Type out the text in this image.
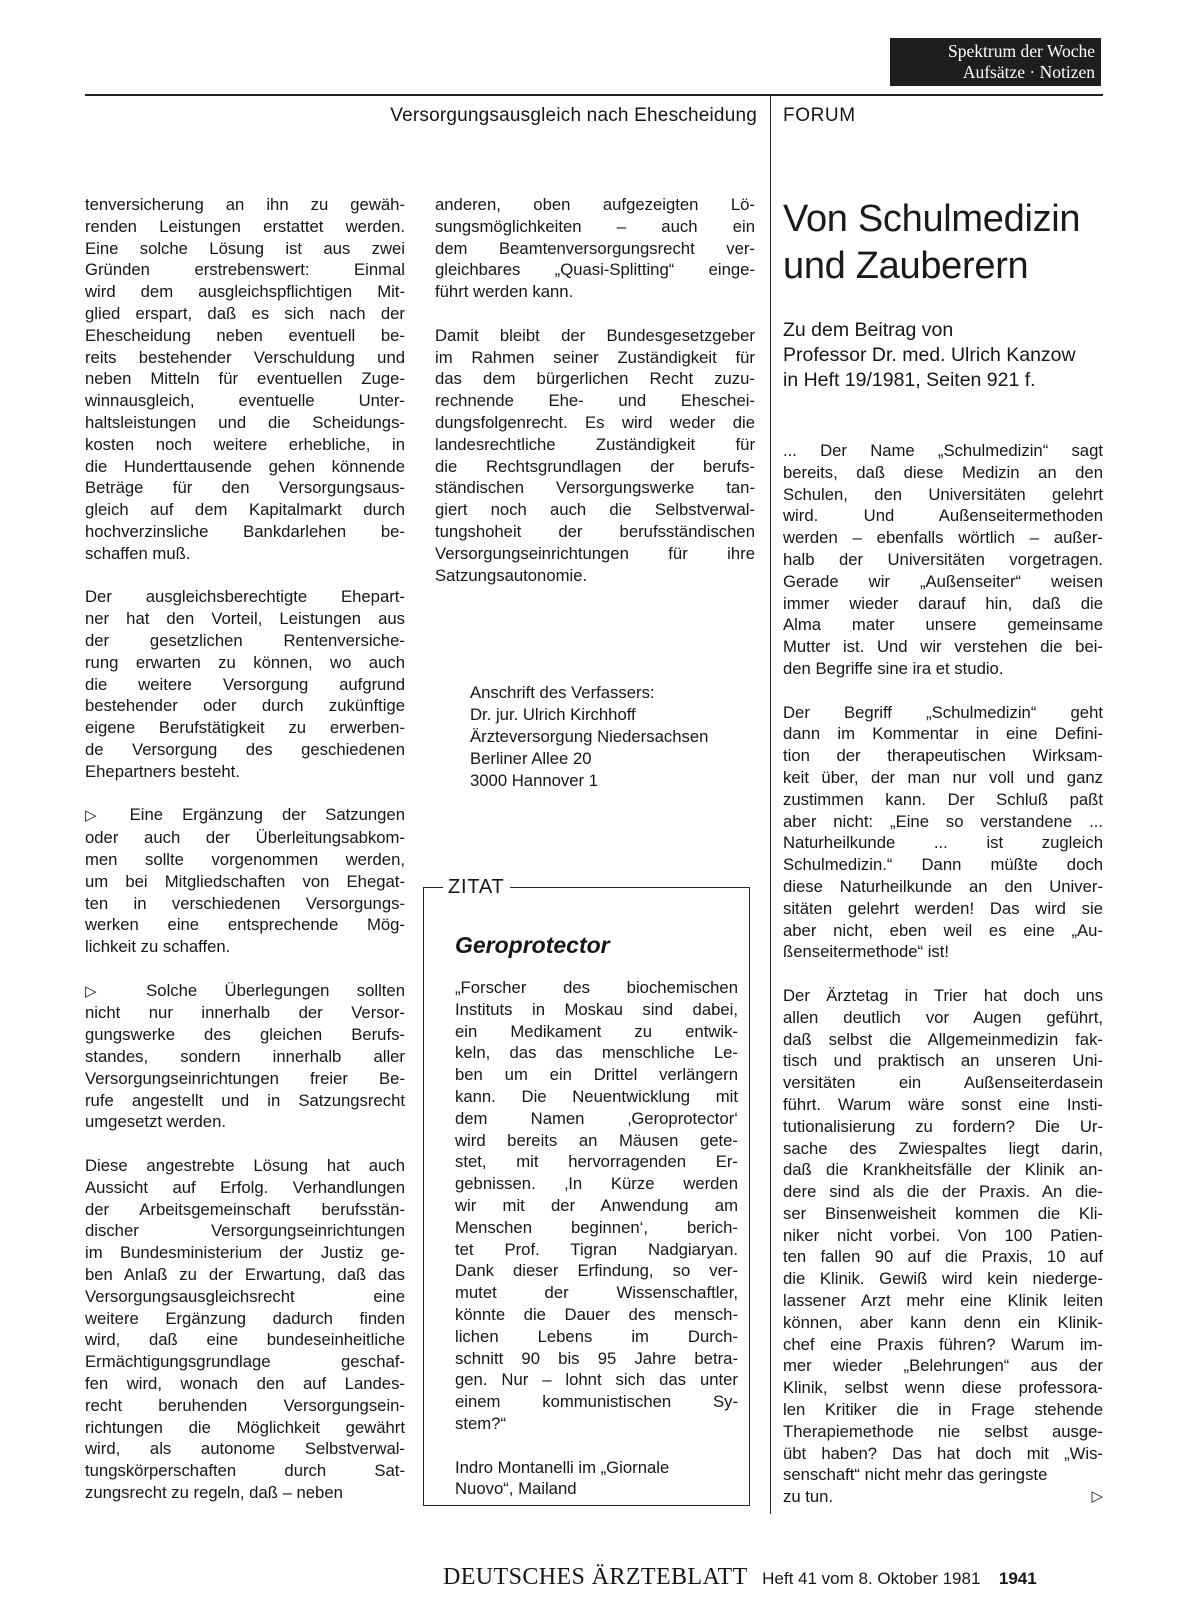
Spektrum der Woche
Aufsätze · Notizen
Versorgungsausgleich nach Ehescheidung FORUM

tenversicherung an ihn zu gewäh-
renden Leistungen erstattet werden.
Eine solche Lösung ist aus zwei
Gründen erstrebenswert: Einmal
wird dem ausgleichspflichtigen Mit-
glied erspart, daß es sich nach der
Ehescheidung neben eventuell be-
reits bestehender Verschuldung und
neben Mitteln für eventuellen Zuge-
winnausgleich, eventuelle Unter-
haltsleistungen und die Scheidungs-
kosten noch weitere erhebliche, in
die Hunderttausende gehen könnende
Beträge für den Versorgungsaus-
gleich auf dem Kapitalmarkt durch
hochverzinsliche Bankdarlehen be-
schaffen muß.

Der ausgleichsberechtigte Ehepart-
ner hat den Vorteil, Leistungen aus
der gesetzlichen Rentenversiche-
rung erwarten zu können, wo auch
die weitere Versorgung aufgrund
bestehender oder durch zukünftige
eigene Berufstätigkeit zu erwerben-
de Versorgung des geschiedenen
Ehepartners besteht.

▷ Eine Ergänzung der Satzungen
oder auch der Überleitungsabkom-
men sollte vorgenommen werden,
um bei Mitgliedschaften von Ehegat-
ten in verschiedenen Versorgungs-
werken eine entsprechende Mög-
lichkeit zu schaffen.

▷ Solche Überlegungen sollten
nicht nur innerhalb der Versor-
gungswerke des gleichen Berufs-
standes, sondern innerhalb aller
Versorgungseinrichtungen freier Be-
rufe angestellt und in Satzungsrecht
umgesetzt werden.

Diese angestrebte Lösung hat auch
Aussicht auf Erfolg. Verhandlungen
der Arbeitsgemeinschaft berufsstän-
discher Versorgungseinrichtungen
im Bundesministerium der Justiz ge-
ben Anlaß zu der Erwartung, daß das
Versorgungsausgleichsrecht eine
weitere Ergänzung dadurch finden
wird, daß eine bundeseinheitliche
Ermächtigungsgrundlage geschaf-
fen wird, wonach den auf Landes-
recht beruhenden Versorgungsein-
richtungen die Möglichkeit gewährt
wird, als autonome Selbstverwal-
tungskörperschaften durch Sat-
zungsrecht zu regeln, daß – neben

anderen, oben aufgezeigten Lö-
sungsmöglichkeiten – auch ein
dem Beamtenversorgungsrecht ver-
gleichbares „Quasi-Splitting“ einge-
führt werden kann.

Damit bleibt der Bundesgesetzgeber
im Rahmen seiner Zuständigkeit für
das dem bürgerlichen Recht zuzu-
rechnende Ehe- und Eheschei-
dungsfolgenrecht. Es wird weder die
landesrechtliche Zuständigkeit für
die Rechtsgrundlagen der berufs-
ständischen Versorgungswerke tan-
giert noch auch die Selbstverwal-
tungshoheit der berufsständischen
Versorgungseinrichtungen für ihre
Satzungsautonomie.

Anschrift des Verfassers:
Dr. jur. Ulrich Kirchhoff
Ärzteversorgung Niedersachsen
Berliner Allee 20
3000 Hannover 1
ZITAT
Geroprotector

„Forscher des biochemischen
Instituts in Moskau sind dabei,
ein Medikament zu entwik-
keln, das das menschliche Le-
ben um ein Drittel verlängern
kann. Die Neuentwicklung mit
dem Namen ‚Geroprotector‘
wird bereits an Mäusen gete-
stet, mit hervorragenden Er-
gebnissen. ‚In Kürze werden
wir mit der Anwendung am
Menschen beginnen‘, berich-
tet Prof. Tigran Nadgiaryan.
Dank dieser Erfindung, so ver-
mutet der Wissenschaftler,
könnte die Dauer des mensch-
lichen Lebens im Durch-
schnitt 90 bis 95 Jahre betra-
gen. Nur – lohnt sich das unter
einem kommunistischen Sy-
stem?“

Indro Montanelli im „Giornale
Nuovo“, Mailand

Von Schulmedizin
und Zauberern
Zu dem Beitrag von
Professor Dr. med. Ulrich Kanzow
in Heft 19/1981, Seiten 921 f.

... Der Name „Schulmedizin“ sagt
bereits, daß diese Medizin an den
Schulen, den Universitäten gelehrt
wird. Und Außenseitermethoden
werden – ebenfalls wörtlich – außer-
halb der Universitäten vorgetragen.
Gerade wir „Außenseiter“ weisen
immer wieder darauf hin, daß die
Alma mater unsere gemeinsame
Mutter ist. Und wir verstehen die bei-
den Begriffe sine ira et studio.

Der Begriff „Schulmedizin“ geht
dann im Kommentar in eine Defini-
tion der therapeutischen Wirksam-
keit über, der man nur voll und ganz
zustimmen kann. Der Schluß paßt
aber nicht: „Eine so verstandene ...
Naturheilkunde ... ist zugleich
Schulmedizin.“ Dann müßte doch
diese Naturheilkunde an den Univer-
sitäten gelehrt werden! Das wird sie
aber nicht, eben weil es eine „Au-
ßenseitermethode“ ist!

Der Ärztetag in Trier hat doch uns
allen deutlich vor Augen geführt,
daß selbst die Allgemeinmedizin fak-
tisch und praktisch an unseren Uni-
versitäten ein Außenseiterdasein
führt. Warum wäre sonst eine Insti-
tutionalisierung zu fordern? Die Ur-
sache des Zwiespaltes liegt darin,
daß die Krankheitsfälle der Klinik an-
dere sind als die der Praxis. An die-
ser Binsenweisheit kommen die Kli-
niker nicht vorbei. Von 100 Patien-
ten fallen 90 auf die Praxis, 10 auf
die Klinik. Gewiß wird kein niederge-
lassener Arzt mehr eine Klinik leiten
können, aber kann denn ein Klinik-
chef eine Praxis führen? Warum im-
mer wieder „Belehrungen“ aus der
Klinik, selbst wenn diese professora-
len Kritiker die in Frage stehende
Therapiemethode nie selbst ausge-
übt haben? Das hat doch mit „Wis-
senschaft“ nicht mehr das geringste
zu tun.	▷

DEUTSCHES ÄRZTEBLATT Heft 41 vom 8. Oktober 1981 1941
